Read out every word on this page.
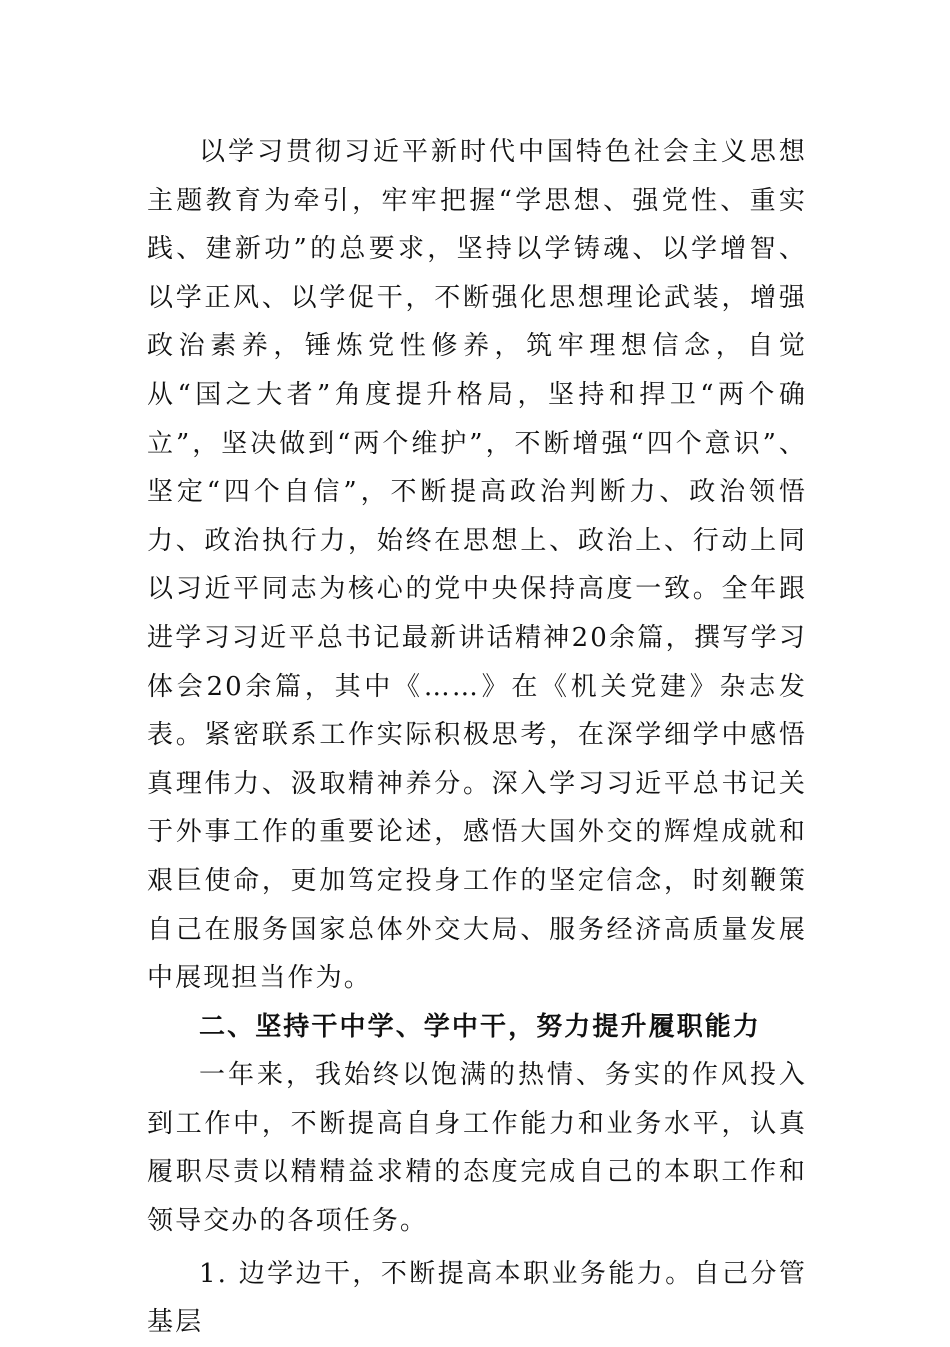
以学习贯彻习近平新时代中国特色社会主义思想主题教育为牵引，牢牢把握“学思想、强党性、重实践、建新功”的总要求，坚持以学铸魂、以学增智、以学正风、以学促干，不断强化思想理论武装，增强政治素养，锤炼党性修养，筑牢理想信念，自觉从“国之大者”角度提升格局，坚持和捍卫“两个确立”，坚决做到“两个维护”，不断增强“四个意识”、坚定“四个自信”，不断提高政治判断力、政治领悟力、政治执行力，始终在思想上、政治上、行动上同以习近平同志为核心的党中央保持高度一致。全年跟进学习习近平总书记最新讲话精神20余篇，撰写学习体会20余篇，其中《……》在《机关党建》杂志发表。紧密联系工作实际积极思考，在深学细学中感悟真理伟力、汲取精神养分。深入学习习近平总书记关于外事工作的重要论述，感悟大国外交的辉煌成就和艰巨使命，更加笃定投身工作的坚定信念，时刻鞭策自己在服务国家总体外交大局、服务经济高质量发展中展现担当作为。

二、坚持干中学、学中干，努力提升履职能力

一年来，我始终以饱满的热情、务实的作风投入到工作中，不断提高自身工作能力和业务水平，认真履职尽责以精精益求精的态度完成自己的本职工作和领导交办的各项任务。

1. 边学边干，不断提高本职业务能力。自己分管基层
